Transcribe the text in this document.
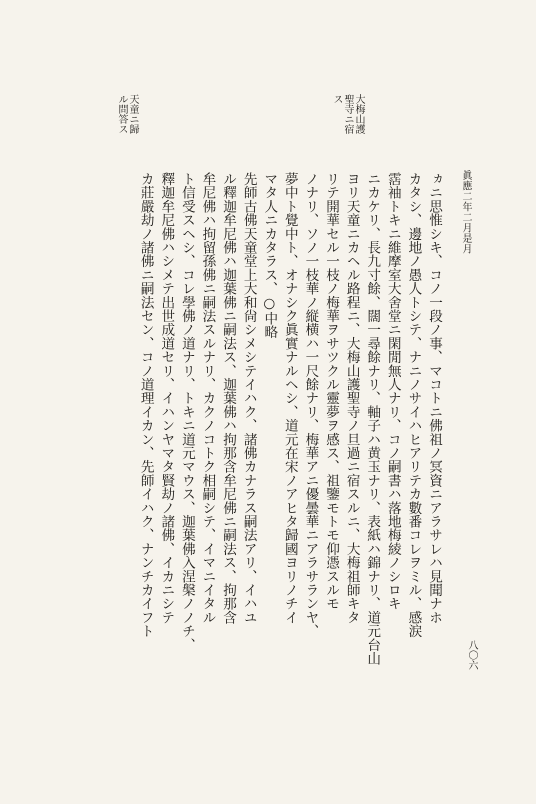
眞應二年二月是月
八〇六
大梅山護聖寺ニ宿ス
天童ニ歸ル問答ス
ヵニ思惟シキ、コノ一段ノ事、マコトニ佛祖ノ冥資ニアラサレハ見聞ナホ
カタシ、邊地ノ愚人トシテ、ナニノサイハヒアリテカ數番コレヲミル、感涙
霑袖トキニ維摩室大舍堂ニ閑閒無人ナリ、コノ嗣書ハ落地梅綾ノシロキ
ニカケリ、長九寸餘、闊一尋餘ナリ、軸子ハ黄玉ナリ、表紙ハ錦ナリ、道元台山
ヨリ天童ニカヘル路程ニ、大梅山護聖寺ノ旦過ニ宿スルニ、大梅祖師キタ
リテ開華セル一枝ノ梅華ヲサツクル靈夢ヲ感ス、祖鑒モトモ仰憑スルモ
ノナリ、ソノ一枝華ノ縦横ハ一尺餘ナリ、梅華アニ優曇華ニアラサランヤ、
夢中ト覺中ト、オナシク眞實ナルヘシ、道元在宋ノアヒタ歸國ヨリノチイ
マタ人ニカタラス、○中略
先師古佛天童堂上大和尙シメシテイハク、諸佛カナラス嗣法アリ、イハユ
ル釋迦牟尼佛ハ迦葉佛ニ嗣法ス、迦葉佛ハ拘那含牟尼佛ニ嗣法ス、拘那含
牟尼佛ハ拘留孫佛ニ嗣法スルナリ、カクノコトク相嗣シテ、イマニイタル
ト信受スヘシ、コレ學佛ノ道ナリ、トキニ道元マウス、迦葉佛入涅槃ノノチ、
釋迦牟尼佛ハシメテ出世成道セリ、イハンヤマタ賢劫ノ諸佛、イカニシテ
カ莊嚴劫ノ諸佛ニ嗣法セン、コノ道理イカン、先師イハク、ナンチカイフト
